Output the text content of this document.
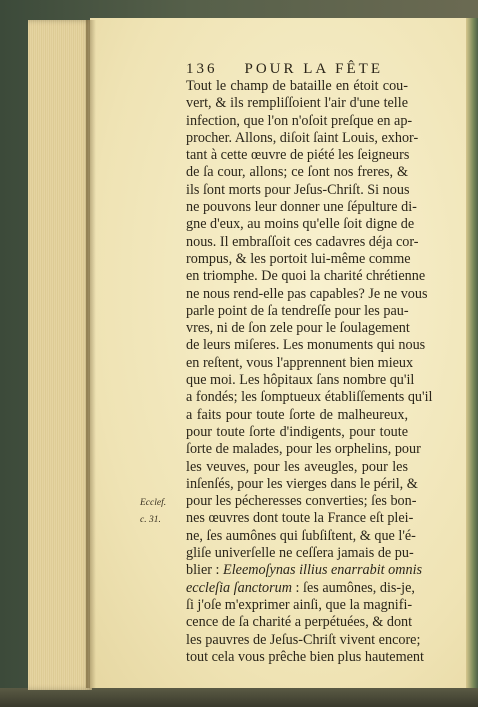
136 POUR LA FÊTE
Ecclef.
c. 31.
Tout le champ de bataille en étoit cou-
vert, & ils rempliſſoient l'air d'une telle
infection, que l'on n'oſoit preſque en ap-
procher. Allons, diſoit ſaint Louis, exhor-
tant à cette œuvre de piété les ſeigneurs
de ſa cour, allons; ce ſont nos freres, &
ils ſont morts pour Jeſus-Chriſt. Si nous
ne pouvons leur donner une ſépulture di-
gne d'eux, au moins qu'elle ſoit digne de
nous. Il embraſſoit ces cadavres déja cor-
rompus, & les portoit lui-même comme
en triomphe. De quoi la charité chrétienne
ne nous rend-elle pas capables? Je ne vous
parle point de ſa tendreſſe pour les pau-
vres, ni de ſon zele pour le ſoulagement
de leurs miſeres. Les monuments qui nous
en reſtent, vous l'apprennent bien mieux
que moi. Les hôpitaux ſans nombre qu'il
a fondés; les ſomptueux établiſſements qu'il
a faits pour toute ſorte de malheureux,
pour toute ſorte d'indigents, pour toute
ſorte de malades, pour les orphelins, pour
les veuves, pour les aveugles, pour les
inſenſés, pour les vierges dans le péril, &
pour les pécheresses converties; ſes bon-
nes œuvres dont toute la France eſt plei-
ne, ſes aumônes qui ſubſiſtent, & que l'é-
gliſe univerſelle ne ceſſera jamais de pu-
blier : Eleemoſynas illius enarrabit omnis
eccleſia ſanctorum : ſes aumônes, dis-je,
ſi j'oſe m'exprimer ainſi, que la magnifi-
cence de ſa charité a perpétuées, & dont
les pauvres de Jeſus-Chriſt vivent encore;
tout cela vous prêche bien plus hautement
